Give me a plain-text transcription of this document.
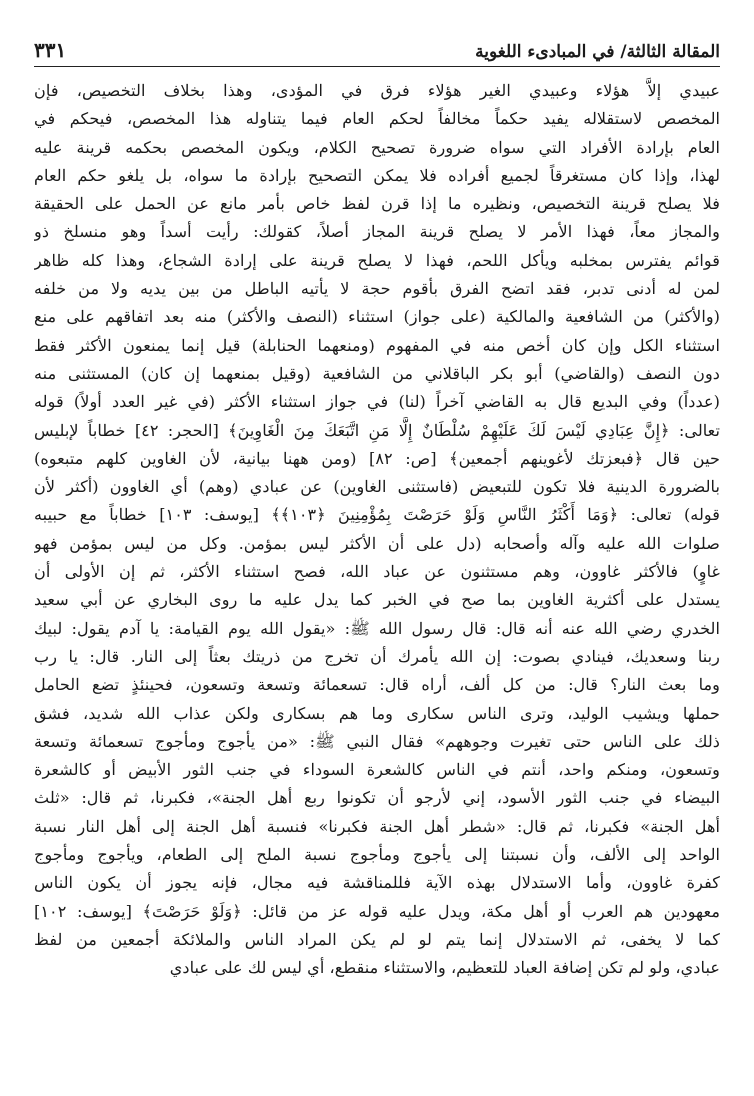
المقالة الثالثة/ في المبادىء اللغوية
٣٣١
عبيدي إلاَّ هؤلاء وعبيدي الغير هؤلاء فرق في المؤدى، وهذا بخلاف التخصيص، فإن
المخصص لاستقلاله يفيد حكماً مخالفاً لحكم العام فيما يتناوله هذا المخصص، فيحكم في
العام بإرادة الأفراد التي سواه ضرورة تصحيح الكلام، ويكون المخصص بحكمه قرينة عليه
لهذا، وإذا كان مستغرقاً لجميع أفراده فلا يمكن التصحيح بإرادة ما سواه، بل يلغو حكم العام
فلا يصلح قرينة التخصيص، ونظيره ما إذا قرن لفظ خاص بأمر مانع عن الحمل على الحقيقة
والمجاز معاً، فهذا الأمر لا يصلح قرينة المجاز أصلاً، كقولك: رأيت أسداً وهو منسلخ ذو
قوائم يفترس بمخلبه ويأكل اللحم، فهذا لا يصلح قرينة على إرادة الشجاع، وهذا كله ظاهر
لمن له أدنى تدبر، فقد اتضح الفرق بأقوم حجة لا يأتيه الباطل من بين يديه ولا من خلفه
(والأكثر) من الشافعية والمالكية (على جواز) استثناء (النصف والأكثر) منه بعد اتفاقهم على منع
استثناء الكل وإن كان أخص منه في المفهوم (ومنعهما الحنابلة) قيل إنما يمنعون الأكثر فقط
دون النصف (والقاضي) أبو بكر الباقلاني من الشافعية (وقيل بمنعهما إن كان) المستثنى منه
(عدداً) وفي البديع قال به القاضي آخراً (لنا) في جواز استثناء الأكثر (في غير العدد أولاً) قوله
تعالى: ﴿إِنَّ عِبَادِي لَيْسَ لَكَ عَلَيْهِمْ سُلْطَانٌ إِلَّا مَنِ اتَّبَعَكَ مِنَ الْغَاوِينَ﴾ [الحجر: ٤٢] خطاباً لإبليس
حين قال ﴿فبعزتك لأغوينهم أجمعين﴾ [ص: ٨٢] (ومن ههنا بيانية، لأن الغاوين كلهم متبعوه)
بالضرورة الدينية فلا تكون للتبعيض (فاستثنى الغاوين) عن عبادي (وهم) أي الغاوون (أكثر لأن
قوله) تعالى: ﴿وَمَا أَكْثَرُ النَّاسِ وَلَوْ حَرَصْتَ بِمُؤْمِنِينَ ﴿١٠٣﴾﴾ [يوسف: ١٠٣] خطاباً مع حبيبه
صلوات الله عليه وآله وأصحابه (دل على أن الأكثر ليس بمؤمن. وكل من ليس بمؤمن فهو
غاوٍ) فالأكثر غاوون، وهم مستثنون عن عباد الله، فصح استثناء الأكثر، ثم إن الأولى أن
يستدل على أكثرية الغاوين بما صح في الخبر كما يدل عليه ما روى البخاري عن أبي سعيد
الخدري رضي الله عنه أنه قال: قال رسول الله ﷺ: «يقول الله يوم القيامة: يا آدم يقول: لبيك
ربنا وسعديك، فينادي بصوت: إن الله يأمرك أن تخرج من ذريتك بعثاً إلى النار. قال: يا رب
وما بعث النار؟ قال: من كل ألف، أراه قال: تسعمائة وتسعة وتسعون، فحينئذٍ تضع الحامل
حملها ويشيب الوليد، وترى الناس سكارى وما هم بسكارى ولكن عذاب الله شديد، فشق
ذلك على الناس حتى تغيرت وجوههم» فقال النبي ﷺ: «من يأجوج ومأجوج تسعمائة وتسعة
وتسعون، ومنكم واحد، أنتم في الناس كالشعرة السوداء في جنب الثور الأبيض أو كالشعرة
البيضاء في جنب الثور الأسود، إني لأرجو أن تكونوا ربع أهل الجنة»، فكبرنا، ثم قال: «ثلث
أهل الجنة» فكبرنا، ثم قال: «شطر أهل الجنة فكبرنا» فنسبة أهل الجنة إلى أهل النار نسبة
الواحد إلى الألف، وأن نسبتنا إلى يأجوج ومأجوج نسبة الملح إلى الطعام، ويأجوج ومأجوج
كفرة غاوون، وأما الاستدلال بهذه الآية فللمناقشة فيه مجال، فإنه يجوز أن يكون الناس
معهودين هم العرب أو أهل مكة، ويدل عليه قوله عز من قائل: ﴿وَلَوْ حَرَصْتَ﴾ [يوسف: ١٠٢]
كما لا يخفى، ثم الاستدلال إنما يتم لو لم يكن المراد الناس والملائكة أجمعين من لفظ
عبادي، ولو لم تكن إضافة العباد للتعظيم، والاستثناء منقطع، أي ليس لك على عبادي
